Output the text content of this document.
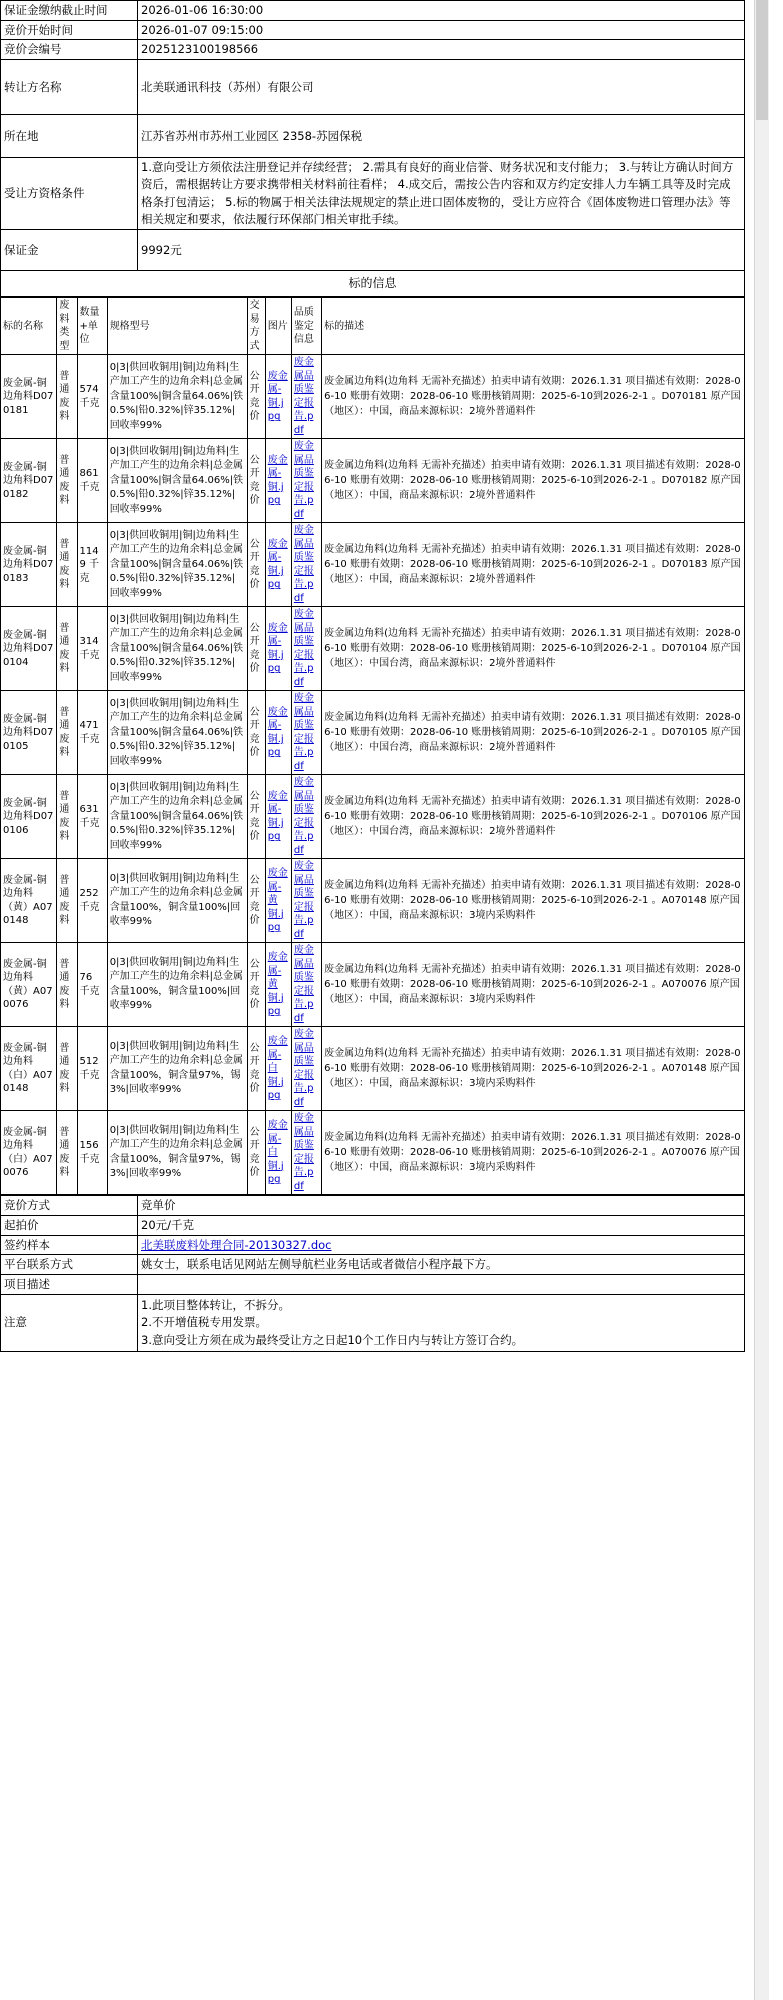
保证金缴纳截止时间	2026-01-06 16:30:00
竞价开始时间	2026-01-07 09:15:00
竞价会编号	2025123100198566
转让方名称	北美联通讯科技（苏州）有限公司
所在地	江苏省苏州市苏州工业园区 2358-苏园保税
受让方资格条件	1.意向受让方须依法注册登记并存续经营； 2.需具有良好的商业信誉、财务状况和支付能力； 3.与转让方确认时间方资后，需根据转让方要求携带相关材料前往看样； 4.成交后，需按公告内容和双方约定安排人力车辆工具等及时完成格条打包清运； 5.标的物属于相关法律法规规定的禁止进口固体废物的，受让方应符合《固体废物进口管理办法》等相关规定和要求，依法履行环保部门相关审批手续。
保证金	9992元
标的信息	
标的名称	废料类型	数量+单位	规格型号	交易方式	图片	品质鉴定信息	标的描述
废金属-铜边角料D070181	普通废料	574 千克	0|3|供回收铜用|铜|边角料|生产加工产生的边角余料|总金属含量100%|铜含量64.06%|铁0.5%|铅0.32%|锌35.12%|回收率99%	公开竞价	废金属-铜.jpg	废金属品质鉴定报告.pdf	废金属边角料(边角料 无需补充描述）拍卖申请有效期：2026.1.31 项目描述有效期：2028-06-10 账册有效期：2028-06-10 账册核销周期：2025-6-10到2026-2-1 。D070181 原产国（地区）：中国，商品来源标识：2境外普通料件
废金属-铜边角料D070182	普通废料	861 千克	0|3|供回收铜用|铜|边角料|生产加工产生的边角余料|总金属含量100%|铜含量64.06%|铁0.5%|铅0.32%|锌35.12%|回收率99%	公开竞价	废金属-铜.jpg	废金属品质鉴定报告.pdf	废金属边角料(边角料 无需补充描述）拍卖申请有效期：2026.1.31 项目描述有效期：2028-06-10 账册有效期：2028-06-10 账册核销周期：2025-6-10到2026-2-1 。D070182 原产国（地区）：中国，商品来源标识：2境外普通料件
废金属-铜边角料D070183	普通废料	1149 千克	0|3|供回收铜用|铜|边角料|生产加工产生的边角余料|总金属含量100%|铜含量64.06%|铁0.5%|铅0.32%|锌35.12%|回收率99%	公开竞价	废金属-铜.jpg	废金属品质鉴定报告.pdf	废金属边角料(边角料 无需补充描述）拍卖申请有效期：2026.1.31 项目描述有效期：2028-06-10 账册有效期：2028-06-10 账册核销周期：2025-6-10到2026-2-1 。D070183 原产国（地区）：中国，商品来源标识：2境外普通料件
废金属-铜边角料D070104	普通废料	314 千克	0|3|供回收铜用|铜|边角料|生产加工产生的边角余料|总金属含量100%|铜含量64.06%|铁0.5%|铅0.32%|锌35.12%|回收率99%	公开竞价	废金属-铜.jpg	废金属品质鉴定报告.pdf	废金属边角料(边角料 无需补充描述）拍卖申请有效期：2026.1.31 项目描述有效期：2028-06-10 账册有效期：2028-06-10 账册核销周期：2025-6-10到2026-2-1 。D070104 原产国（地区）：中国台湾，商品来源标识：2境外普通料件
废金属-铜边角料D070105	普通废料	471 千克	0|3|供回收铜用|铜|边角料|生产加工产生的边角余料|总金属含量100%|铜含量64.06%|铁0.5%|铅0.32%|锌35.12%|回收率99%	公开竞价	废金属-铜.jpg	废金属品质鉴定报告.pdf	废金属边角料(边角料 无需补充描述）拍卖申请有效期：2026.1.31 项目描述有效期：2028-06-10 账册有效期：2028-06-10 账册核销周期：2025-6-10到2026-2-1 。D070105 原产国（地区）：中国台湾，商品来源标识：2境外普通料件
废金属-铜边角料D070106	普通废料	631 千克	0|3|供回收铜用|铜|边角料|生产加工产生的边角余料|总金属含量100%|铜含量64.06%|铁0.5%|铅0.32%|锌35.12%|回收率99%	公开竞价	废金属-铜.jpg	废金属品质鉴定报告.pdf	废金属边角料(边角料 无需补充描述）拍卖申请有效期：2026.1.31 项目描述有效期：2028-06-10 账册有效期：2028-06-10 账册核销周期：2025-6-10到2026-2-1 。D070106 原产国（地区）：中国台湾，商品来源标识：2境外普通料件
废金属-铜边角料（黄）A070148	普通废料	252 千克	0|3|供回收铜用|铜|边角料|生产加工产生的边角余料|总金属含量100%，铜含量100%|回收率99%	公开竞价	废金属-黄铜.jpg	废金属品质鉴定报告.pdf	废金属边角料(边角料 无需补充描述）拍卖申请有效期：2026.1.31 项目描述有效期：2028-06-10 账册有效期：2028-06-10 账册核销周期：2025-6-10到2026-2-1 。A070148 原产国（地区）：中国，商品来源标识：3境内采购料件
废金属-铜边角料（黄）A070076	普通废料	76 千克	0|3|供回收铜用|铜|边角料|生产加工产生的边角余料|总金属含量100%，铜含量100%|回收率99%	公开竞价	废金属-黄铜.jpg	废金属品质鉴定报告.pdf	废金属边角料(边角料 无需补充描述）拍卖申请有效期：2026.1.31 项目描述有效期：2028-06-10 账册有效期：2028-06-10 账册核销周期：2025-6-10到2026-2-1 。A070076 原产国（地区）：中国，商品来源标识：3境内采购料件
废金属-铜边角料（白）A070148	普通废料	512 千克	0|3|供回收铜用|铜|边角料|生产加工产生的边角余料|总金属含量100%，铜含量97%，锡3%|回收率99%	公开竞价	废金属-白铜.jpg	废金属品质鉴定报告.pdf	废金属边角料(边角料 无需补充描述）拍卖申请有效期：2026.1.31 项目描述有效期：2028-06-10 账册有效期：2028-06-10 账册核销周期：2025-6-10到2026-2-1 。A070148 原产国（地区）：中国，商品来源标识：3境内采购料件
废金属-铜边角料（白）A070076	普通废料	156 千克	0|3|供回收铜用|铜|边角料|生产加工产生的边角余料|总金属含量100%，铜含量97%，锡3%|回收率99%	公开竞价	废金属-白铜.jpg	废金属品质鉴定报告.pdf	废金属边角料(边角料 无需补充描述）拍卖申请有效期：2026.1.31 项目描述有效期：2028-06-10 账册有效期：2028-06-10 账册核销周期：2025-6-10到2026-2-1 。A070076 原产国（地区）：中国，商品来源标识：3境内采购料件
竞价方式	竞单价
起拍价	20元/千克
签约样本	北美联废料处理合同-20130327.doc
平台联系方式	姚女士，联系电话见网站左侧导航栏业务电话或者微信小程序最下方。
项目描述	
注意	1.此项目整体转让，不拆分。
2.不开增值税专用发票。
3.意向受让方须在成为最终受让方之日起10个工作日内与转让方签订合约。
